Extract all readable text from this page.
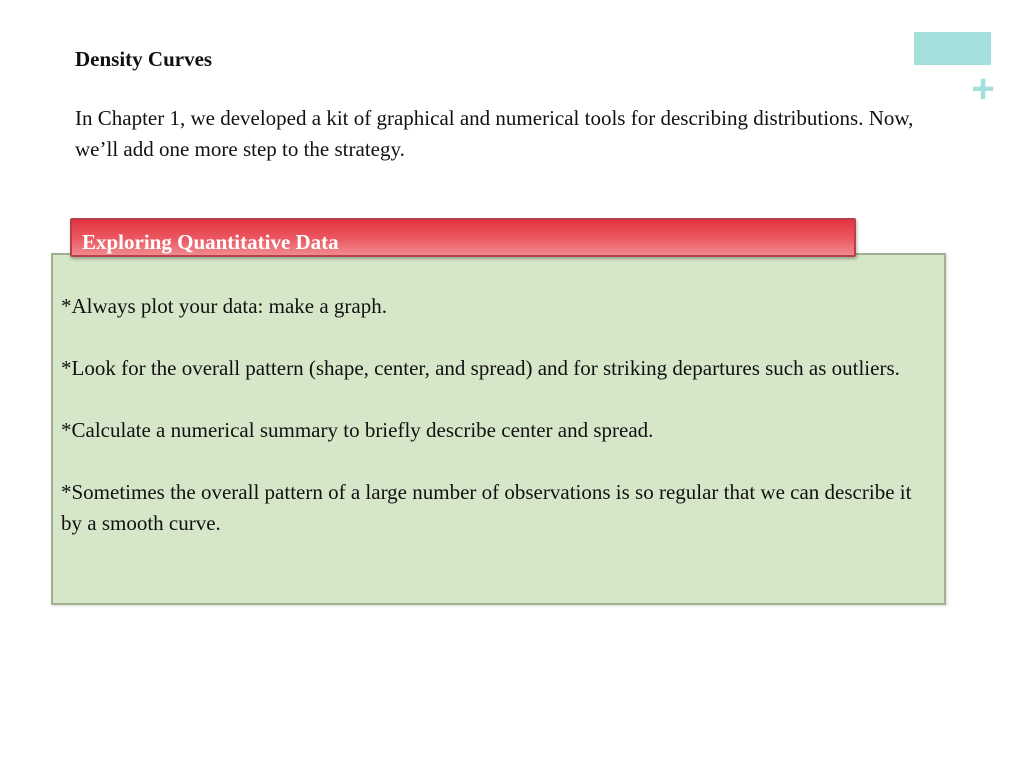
+
Density Curves

In Chapter 1, we developed a kit of graphical and numerical tools for describing distributions. Now, we’ll add one more step to the strategy.

Exploring Quantitative Data
*Always plot your data: make a graph.
*Look for the overall pattern (shape, center, and spread) and for striking departures such as outliers.
*Calculate a numerical summary to briefly describe center and spread.
*Sometimes the overall pattern of a large number of observations is so regular that we can describe it by a smooth curve.
